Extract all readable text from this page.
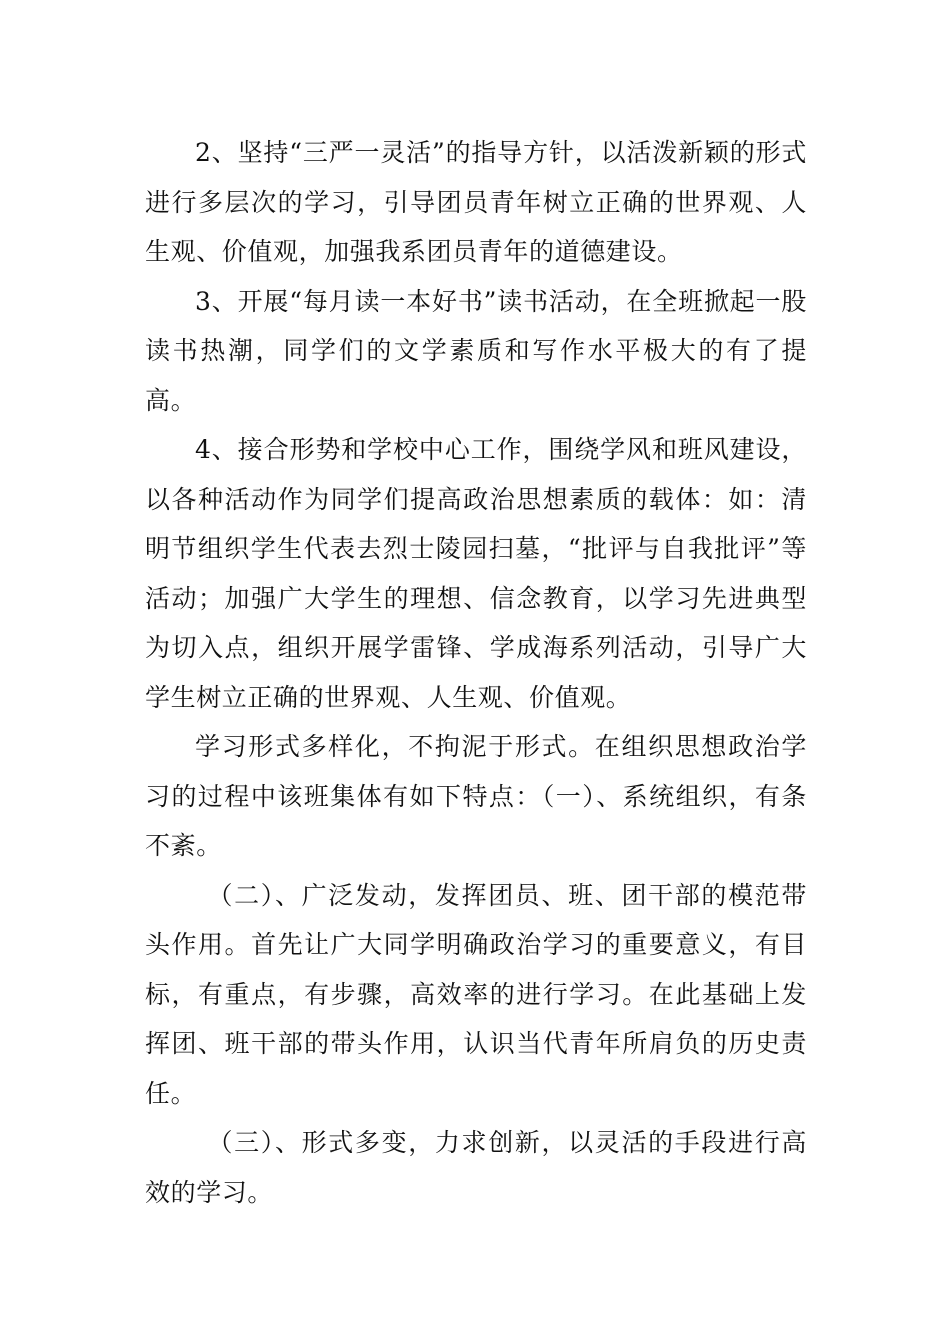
2、坚持“三严一灵活”的指导方针，以活泼新颖的形式进行多层次的学习，引导团员青年树立正确的世界观、人生观、价值观，加强我系团员青年的道德建设。

3、开展“每月读一本好书”读书活动，在全班掀起一股读书热潮，同学们的文学素质和写作水平极大的有了提高。

4、接合形势和学校中心工作，围绕学风和班风建设，以各种活动作为同学们提高政治思想素质的载体：如：清明节组织学生代表去烈士陵园扫墓，“批评与自我批评”等活动；加强广大学生的理想、信念教育，以学习先进典型为切入点，组织开展学雷锋、学成海系列活动，引导广大学生树立正确的世界观、人生观、价值观。

学习形式多样化，不拘泥于形式。在组织思想政治学习的过程中该班集体有如下特点：（一）、系统组织，有条不紊。

（二）、广泛发动，发挥团员、班、团干部的模范带头作用。首先让广大同学明确政治学习的重要意义，有目标，有重点，有步骤，高效率的进行学习。在此基础上发挥团、班干部的带头作用，认识当代青年所肩负的历史责任。

（三）、形式多变，力求创新，以灵活的手段进行高效的学习。
